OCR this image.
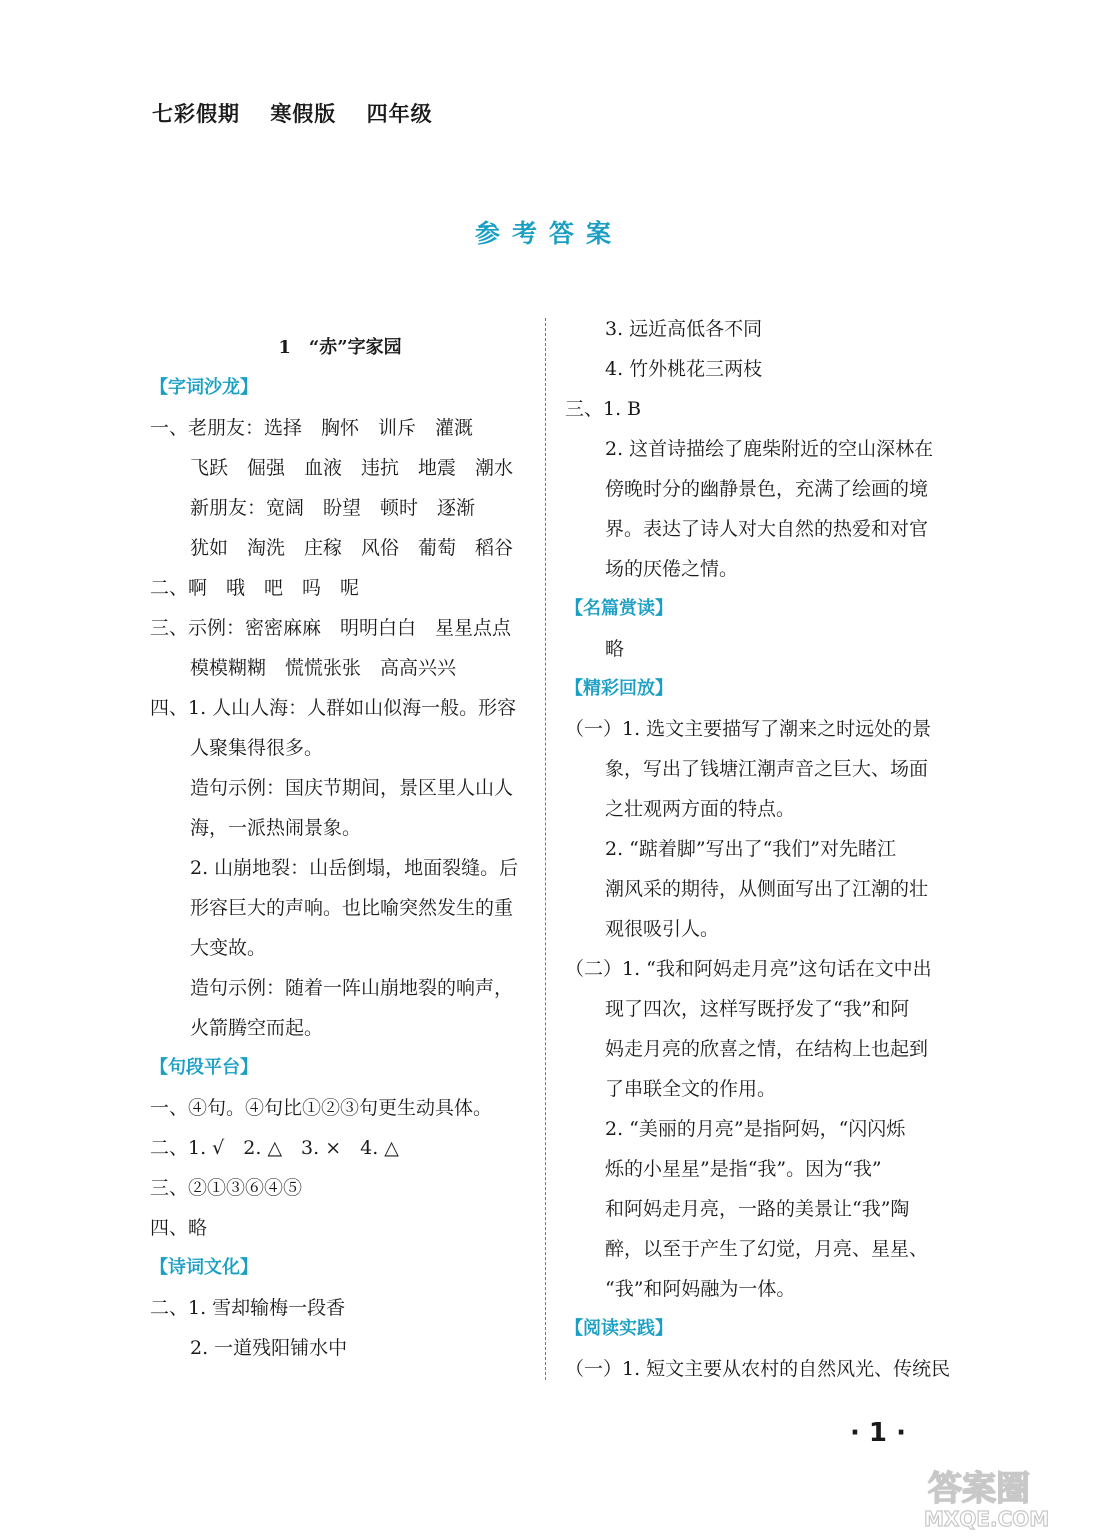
七彩假期 寒假版 四年级
参考答案
1　“赤”字家园
【字词沙龙】
一、老朋友：选择　胸怀　训斥　灌溉
飞跃　倔强　血液　违抗　地震　潮水
新朋友：宽阔　盼望　顿时　逐渐
犹如　淘洗　庄稼　风俗　葡萄　稻谷
二、啊　哦　吧　吗　呢
三、示例：密密麻麻　明明白白　星星点点
模模糊糊　慌慌张张　高高兴兴
四、1. 人山人海：人群如山似海一般。形容
人聚集得很多。
造句示例：国庆节期间，景区里人山人
海，一派热闹景象。
2. 山崩地裂：山岳倒塌，地面裂缝。后
形容巨大的声响。也比喻突然发生的重
大变故。
造句示例：随着一阵山崩地裂的响声，
火箭腾空而起。
【句段平台】
一、④句。④句比①②③句更生动具体。
二、1. √　2. △　3. ×　4. △
三、②①③⑥④⑤
四、略
【诗词文化】
二、1. 雪却输梅一段香
2. 一道残阳铺水中
3. 远近高低各不同
4. 竹外桃花三两枝
三、1. B
2. 这首诗描绘了鹿柴附近的空山深林在
傍晚时分的幽静景色，充满了绘画的境
界。表达了诗人对大自然的热爱和对官
场的厌倦之情。
【名篇赏读】
略
【精彩回放】
（一）1. 选文主要描写了潮来之时远处的景
象，写出了钱塘江潮声音之巨大、场面
之壮观两方面的特点。
2. “踮着脚”写出了“我们”对先睹江
潮风采的期待，从侧面写出了江潮的壮
观很吸引人。
（二）1. “我和阿妈走月亮”这句话在文中出
现了四次，这样写既抒发了“我”和阿
妈走月亮的欣喜之情，在结构上也起到
了串联全文的作用。
2. “美丽的月亮”是指阿妈，“闪闪烁
烁的小星星”是指“我”。因为“我”
和阿妈走月亮，一路的美景让“我”陶
醉，以至于产生了幻觉，月亮、星星、
“我”和阿妈融为一体。
【阅读实践】
（一）1. 短文主要从农村的自然风光、传统民
· 1 ·
答案圈
MXQE.COM
